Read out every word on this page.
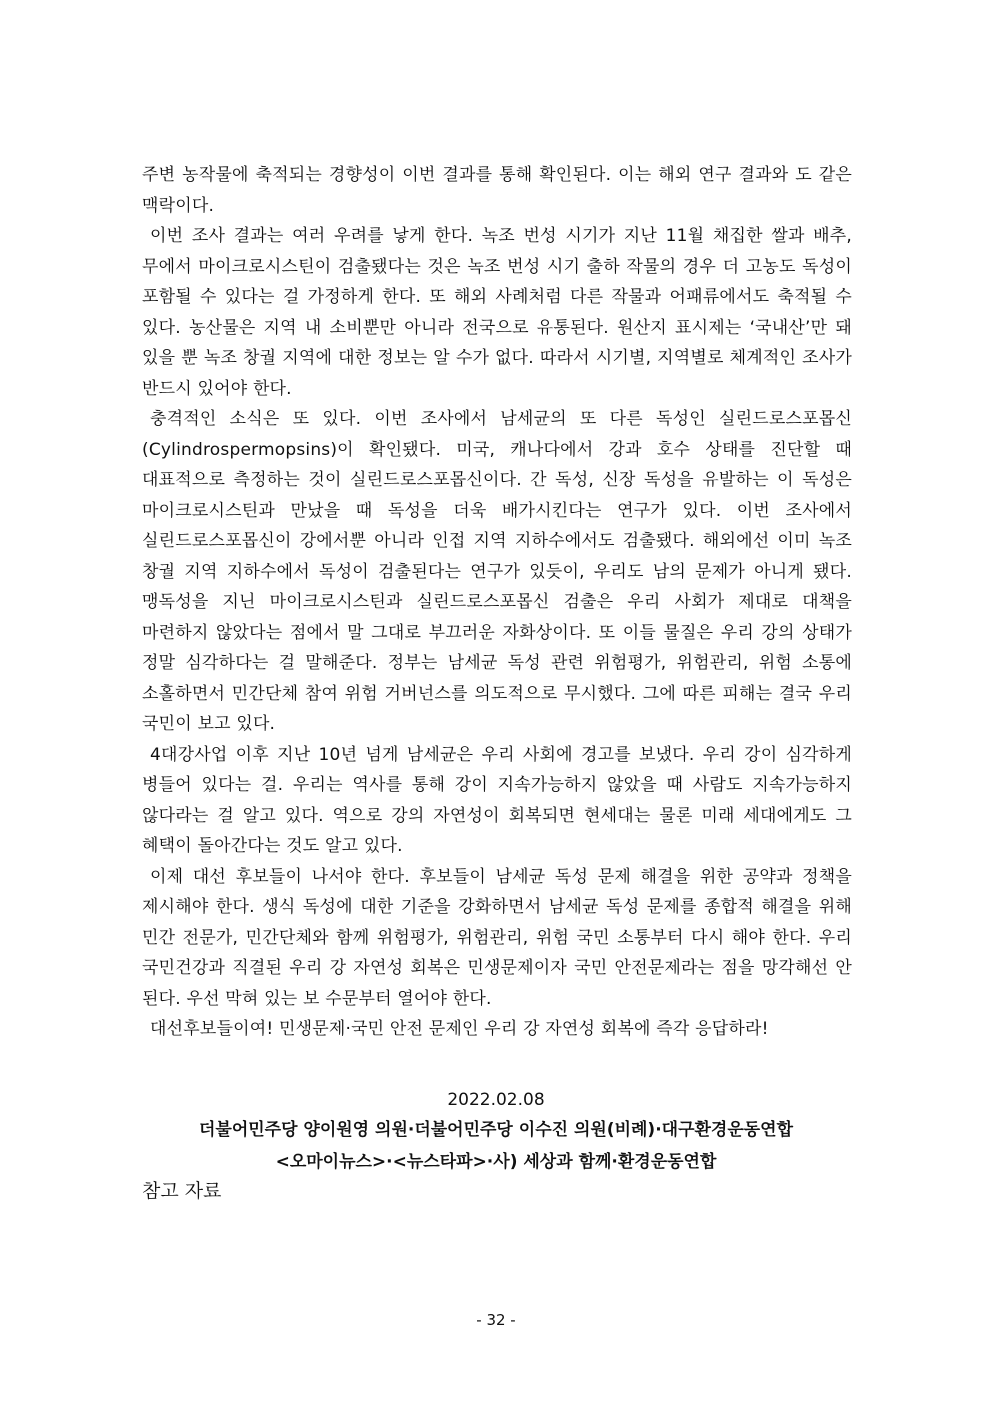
주변 농작물에 축적되는 경향성이 이번 결과를 통해 확인된다. 이는 해외 연구 결과와 도 같은 맥락이다.

이번 조사 결과는 여러 우려를 낳게 한다. 녹조 번성 시기가 지난 11월 채집한 쌀과 배추, 무에서 마이크로시스틴이 검출됐다는 것은 녹조 번성 시기 출하 작물의 경우 더 고농도 독성이 포함될 수 있다는 걸 가정하게 한다. 또 해외 사례처럼 다른 작물과 어패류에서도 축적될 수 있다. 농산물은 지역 내 소비뿐만 아니라 전국으로 유통된다. 원산지 표시제는 ‘국내산’만 돼 있을 뿐 녹조 창궐 지역에 대한 정보는 알 수가 없다. 따라서 시기별, 지역별로 체계적인 조사가 반드시 있어야 한다.

충격적인 소식은 또 있다. 이번 조사에서 남세균의 또 다른 독성인 실린드로스포몹신(Cylindrospermopsins)이 확인됐다. 미국, 캐나다에서 강과 호수 상태를 진단할 때 대표적으로 측정하는 것이 실린드로스포몹신이다. 간 독성, 신장 독성을 유발하는 이 독성은 마이크로시스틴과 만났을 때 독성을 더욱 배가시킨다는 연구가 있다. 이번 조사에서 실린드로스포몹신이 강에서뿐 아니라 인접 지역 지하수에서도 검출됐다. 해외에선 이미 녹조 창궐 지역 지하수에서 독성이 검출된다는 연구가 있듯이, 우리도 남의 문제가 아니게 됐다. 맹독성을 지닌 마이크로시스틴과 실린드로스포몹신 검출은 우리 사회가 제대로 대책을 마련하지 않았다는 점에서 말 그대로 부끄러운 자화상이다. 또 이들 물질은 우리 강의 상태가 정말 심각하다는 걸 말해준다. 정부는 남세균 독성 관련 위험평가, 위험관리, 위험 소통에 소홀하면서 민간단체 참여 위험 거버넌스를 의도적으로 무시했다. 그에 따른 피해는 결국 우리 국민이 보고 있다.

4대강사업 이후 지난 10년 넘게 남세균은 우리 사회에 경고를 보냈다. 우리 강이 심각하게 병들어 있다는 걸. 우리는 역사를 통해 강이 지속가능하지 않았을 때 사람도 지속가능하지 않다라는 걸 알고 있다. 역으로 강의 자연성이 회복되면 현세대는 물론 미래 세대에게도 그 혜택이 돌아간다는 것도 알고 있다.

이제 대선 후보들이 나서야 한다. 후보들이 남세균 독성 문제 해결을 위한 공약과 정책을 제시해야 한다. 생식 독성에 대한 기준을 강화하면서 남세균 독성 문제를 종합적 해결을 위해 민간 전문가, 민간단체와 함께 위험평가, 위험관리, 위험 국민 소통부터 다시 해야 한다. 우리 국민건강과 직결된 우리 강 자연성 회복은 민생문제이자 국민 안전문제라는 점을 망각해선 안 된다. 우선 막혀 있는 보 수문부터 열어야 한다.

대선후보들이여! 민생문제·국민 안전 문제인 우리 강 자연성 회복에 즉각 응답하라!

2022.02.08
더불어민주당 양이원영 의원·더불어민주당 이수진 의원(비례)·대구환경운동연합
<오마이뉴스>·<뉴스타파>·사) 세상과 함께·환경운동연합
참고 자료
- 32 -
